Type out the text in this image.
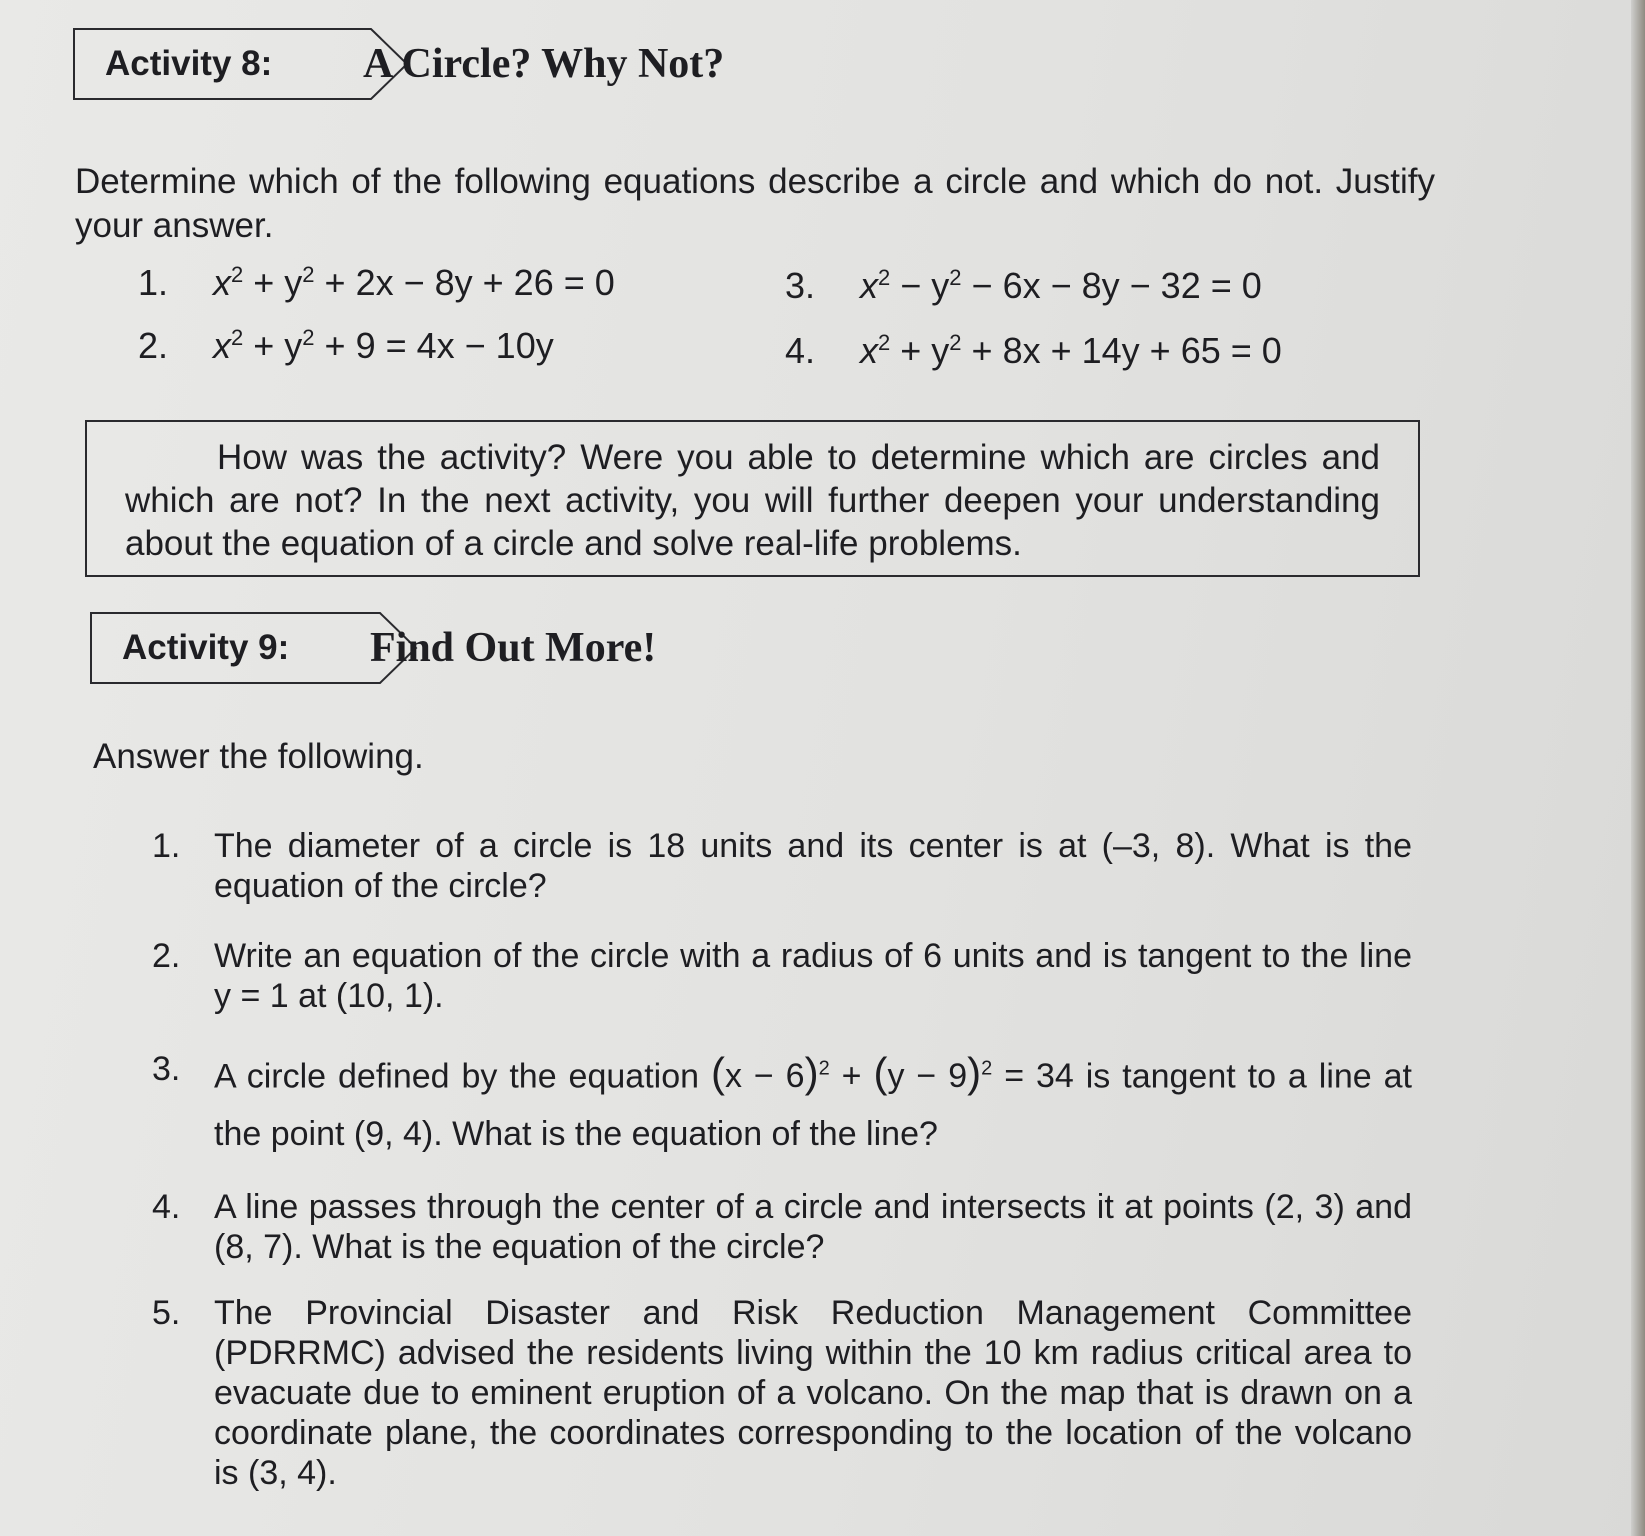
Activity 8:	A Circle? Why Not?
Determine which of the following equations describe a circle and which do not. Justify your answer.
1. $x^2 + y^2 + 2x - 8y + 26 = 0$
2. $x^2 + y^2 + 9 = 4x - 10y$
3. $x^2 - y^2 - 6x - 8y - 32 = 0$
4. $x^2 + y^2 + 8x + 14y + 65 = 0$
How was the activity? Were you able to determine which are circles and which are not? In the next activity, you will further deepen your understanding about the equation of a circle and solve real-life problems.
Activity 9:	Find Out More!
Answer the following.
1. The diameter of a circle is 18 units and its center is at (–3, 8). What is the equation of the circle?
2. Write an equation of the circle with a radius of 6 units and is tangent to the line y = 1 at (10, 1).
3. A circle defined by the equation $(x - 6)^2 + (y - 9)^2 = 34$ is tangent to a line at the point (9, 4). What is the equation of the line?
4. A line passes through the center of a circle and intersects it at points (2, 3) and (8, 7). What is the equation of the circle?
5. The Provincial Disaster and Risk Reduction Management Committee (PDRRMC) advised the residents living within the 10 km radius critical area to evacuate due to eminent eruption of a volcano. On the map that is drawn on a coordinate plane, the coordinates corresponding to the location of the volcano is (3, 4).
